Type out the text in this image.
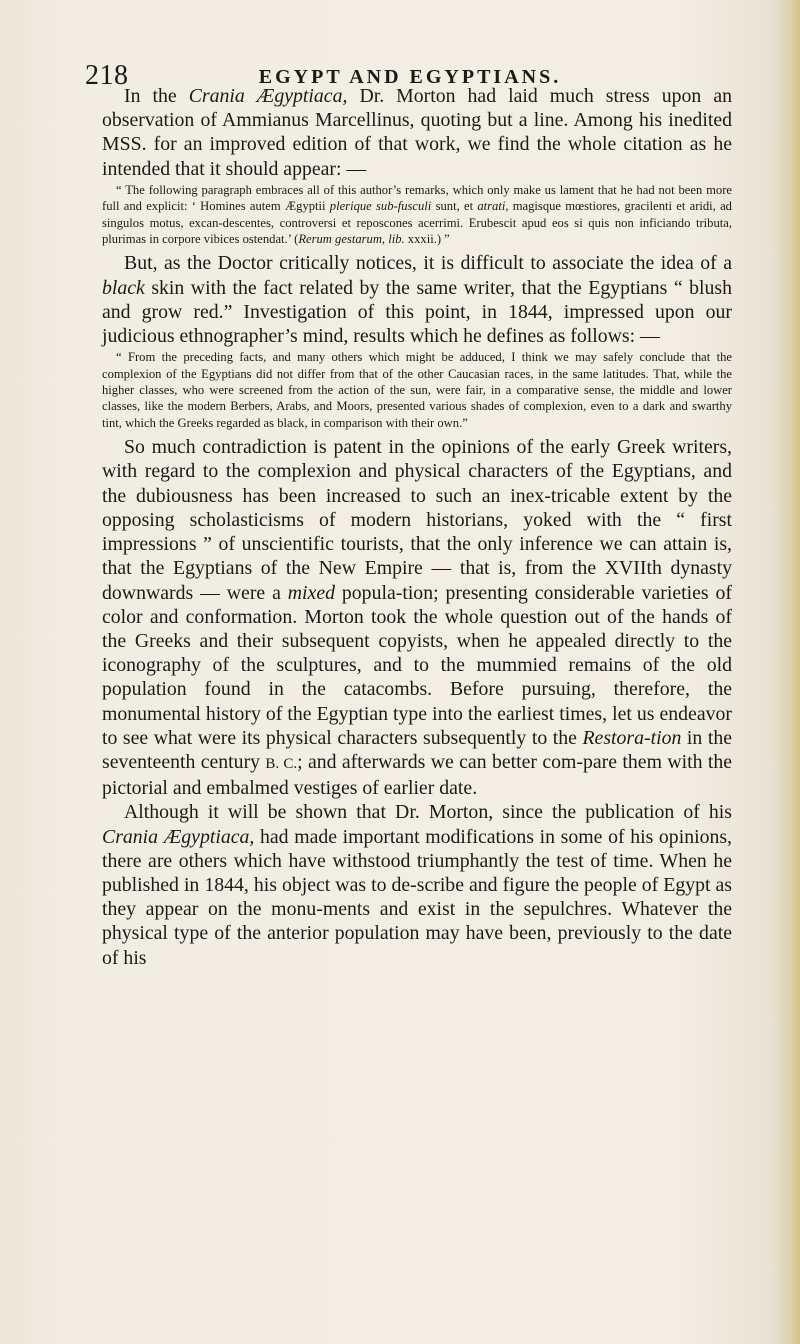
218	EGYPT AND EGYPTIANS.

In the Crania Ægyptiaca, Dr. Morton had laid much stress upon an observation of Ammianus Marcellinus, quoting but a line. Among his inedited MSS. for an improved edition of that work, we find the whole citation as he intended that it should appear: —

“ The following paragraph embraces all of this author’s remarks, which only make us lament that he had not been more full and explicit: ‘ Homines autem Ægyptii plerique sub-fusculi sunt, et atrati, magisque mœstiores, gracilenti et aridi, ad singulos motus, excan-descentes, controversi et reposcones acerrimi. Erubescit apud eos si quis non inficiando tributa, plurimas in corpore vibices ostendat.’ (Rerum gestarum, lib. xxxii.) ”

But, as the Doctor critically notices, it is difficult to associate the idea of a black skin with the fact related by the same writer, that the Egyptians “ blush and grow red.” Investigation of this point, in 1844, impressed upon our judicious ethnographer’s mind, results which he defines as follows: —

“ From the preceding facts, and many others which might be adduced, I think we may safely conclude that the complexion of the Egyptians did not differ from that of the other Caucasian races, in the same latitudes. That, while the higher classes, who were screened from the action of the sun, were fair, in a comparative sense, the middle and lower classes, like the modern Berbers, Arabs, and Moors, presented various shades of complexion, even to a dark and swarthy tint, which the Greeks regarded as black, in comparison with their own.”

So much contradiction is patent in the opinions of the early Greek writers, with regard to the complexion and physical characters of the Egyptians, and the dubiousness has been increased to such an inex-tricable extent by the opposing scholasticisms of modern historians, yoked with the “ first impressions ” of unscientific tourists, that the only inference we can attain is, that the Egyptians of the New Empire — that is, from the XVIIth dynasty downwards — were a mixed popula-tion; presenting considerable varieties of color and conformation. Morton took the whole question out of the hands of the Greeks and their subsequent copyists, when he appealed directly to the iconography of the sculptures, and to the mummied remains of the old population found in the catacombs. Before pursuing, therefore, the monumental history of the Egyptian type into the earliest times, let us endeavor to see what were its physical characters subsequently to the Restora-tion in the seventeenth century B. C.; and afterwards we can better com-pare them with the pictorial and embalmed vestiges of earlier date.

Although it will be shown that Dr. Morton, since the publication of his Crania Ægyptiaca, had made important modifications in some of his opinions, there are others which have withstood triumphantly the test of time. When he published in 1844, his object was to de-scribe and figure the people of Egypt as they appear on the monu-ments and exist in the sepulchres. Whatever the physical type of the anterior population may have been, previously to the date of his
